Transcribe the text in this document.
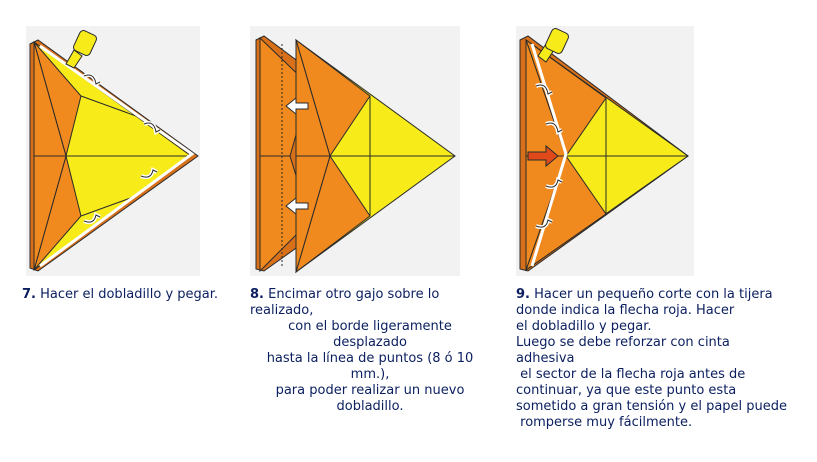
7. Hacer el dobladillo y pegar.	8. Encimar otro gajo sobre lo
realizado,
con el borde ligeramente
desplazado
hasta la línea de puntos (8 ó 10
mm.),
para poder realizar un nuevo
dobladillo.
9. Hacer un pequeño corte con la tijera
donde indica la flecha roja. Hacer
el dobladillo y pegar.
Luego se debe reforzar con cinta
adhesiva
el sector de la flecha roja antes de
continuar, ya que este punto esta
sometido a gran tensión y el papel puede
romperse muy fácilmente.
